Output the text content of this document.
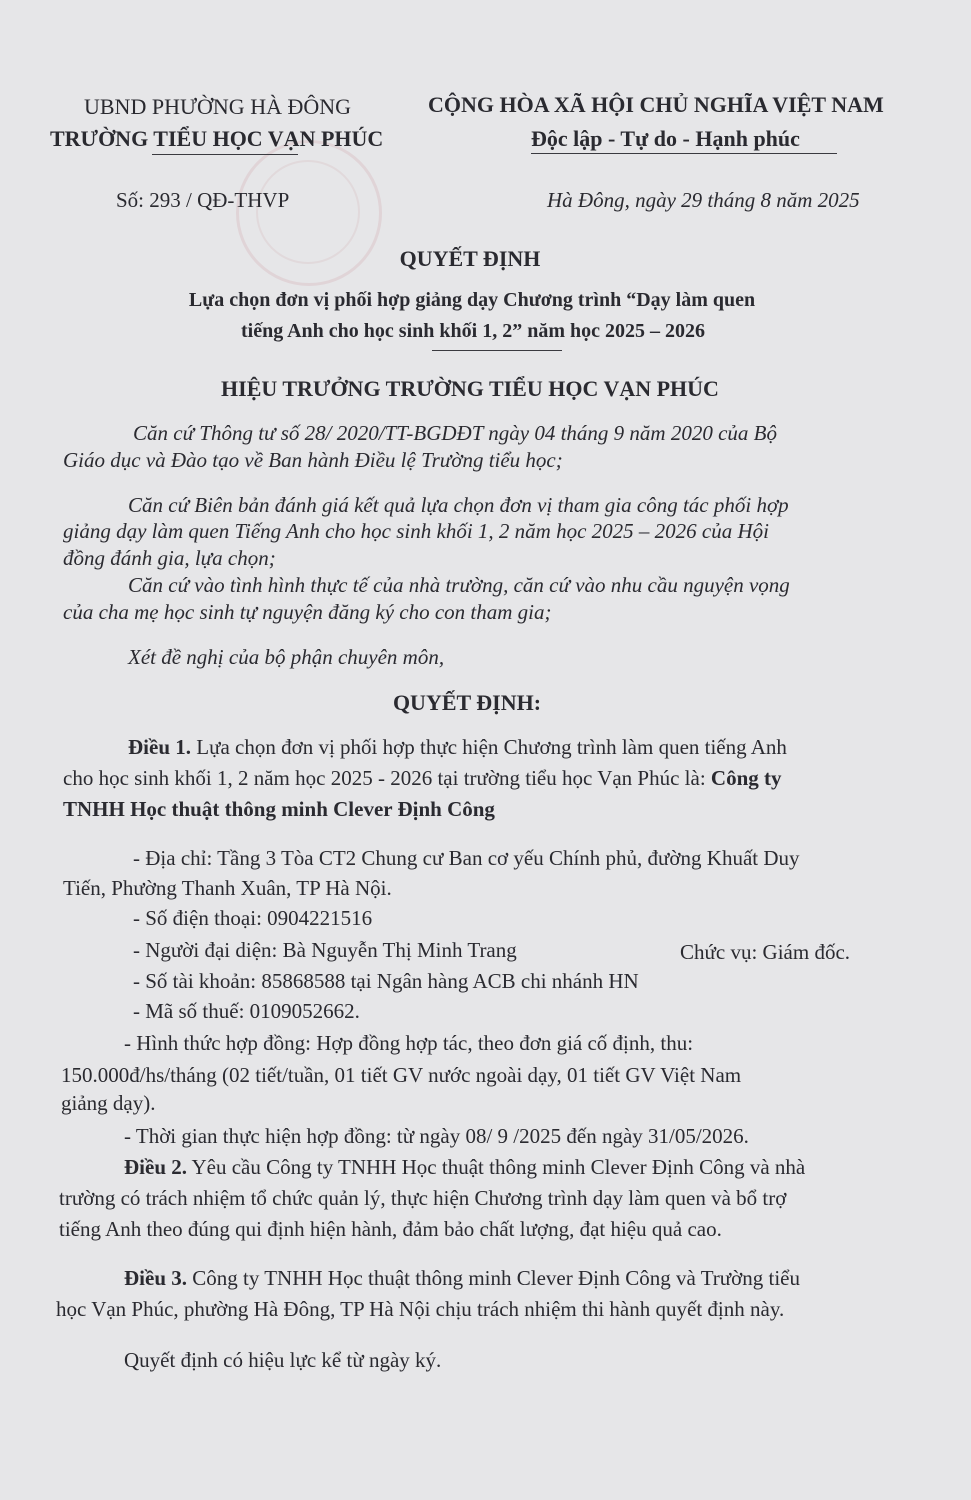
UBND PHƯỜNG HÀ ĐÔNG
TRƯỜNG TIỂU HỌC VẠN PHÚC
CỘNG HÒA XÃ HỘI CHỦ NGHĨA VIỆT NAM
Độc lập - Tự do - Hạnh phúc
Số: 293 / QĐ-THVP	Hà Đông, ngày 29 tháng 8 năm 2025
QUYẾT ĐỊNH
Lựa chọn đơn vị phối hợp giảng dạy Chương trình “Dạy làm quen
tiếng Anh cho học sinh khối 1, 2” năm học 2025 – 2026
HIỆU TRƯỞNG TRƯỜNG TIỂU HỌC VẠN PHÚC
Căn cứ Thông tư số 28/ 2020/TT-BGDĐT ngày 04 tháng 9 năm 2020 của Bộ
Giáo dục và Đào tạo về Ban hành Điều lệ Trường tiểu học;
Căn cứ Biên bản đánh giá kết quả lựa chọn đơn vị tham gia công tác phối hợp
giảng dạy làm quen Tiếng Anh cho học sinh khối 1, 2 năm học 2025 – 2026 của Hội
đồng đánh gia, lựa chọn;
Căn cứ vào tình hình thực tế của nhà trường, căn cứ vào nhu cầu nguyện vọng
của cha mẹ học sinh tự nguyện đăng ký cho con tham gia;
Xét đề nghị của bộ phận chuyên môn,
QUYẾT ĐỊNH:
Điều 1. Lựa chọn đơn vị phối hợp thực hiện Chương trình làm quen tiếng Anh
cho học sinh khối 1, 2 năm học 2025 - 2026 tại trường tiểu học Vạn Phúc là: Công ty
TNHH Học thuật thông minh Clever Định Công
- Địa chỉ: Tầng 3 Tòa CT2 Chung cư Ban cơ yếu Chính phủ, đường Khuất Duy
Tiến, Phường Thanh Xuân, TP Hà Nội.
- Số điện thoại: 0904221516
- Người đại diện: Bà Nguyễn Thị Minh Trang	Chức vụ: Giám đốc.
- Số tài khoản: 85868588 tại Ngân hàng ACB chi nhánh HN
- Mã số thuế: 0109052662.
- Hình thức hợp đồng: Hợp đồng hợp tác, theo đơn giá cố định, thu:
150.000đ/hs/tháng (02 tiết/tuần, 01 tiết GV nước ngoài dạy, 01 tiết GV Việt Nam
giảng dạy).
- Thời gian thực hiện hợp đồng: từ ngày 08/ 9 /2025 đến ngày 31/05/2026.
Điều 2. Yêu cầu Công ty TNHH Học thuật thông minh Clever Định Công và nhà
trường có trách nhiệm tổ chức quản lý, thực hiện Chương trình dạy làm quen và bổ trợ
tiếng Anh theo đúng qui định hiện hành, đảm bảo chất lượng, đạt hiệu quả cao.
Điều 3. Công ty TNHH Học thuật thông minh Clever Định Công và Trường tiểu
học Vạn Phúc, phường Hà Đông, TP Hà Nội chịu trách nhiệm thi hành quyết định này.
Quyết định có hiệu lực kể từ ngày ký.
